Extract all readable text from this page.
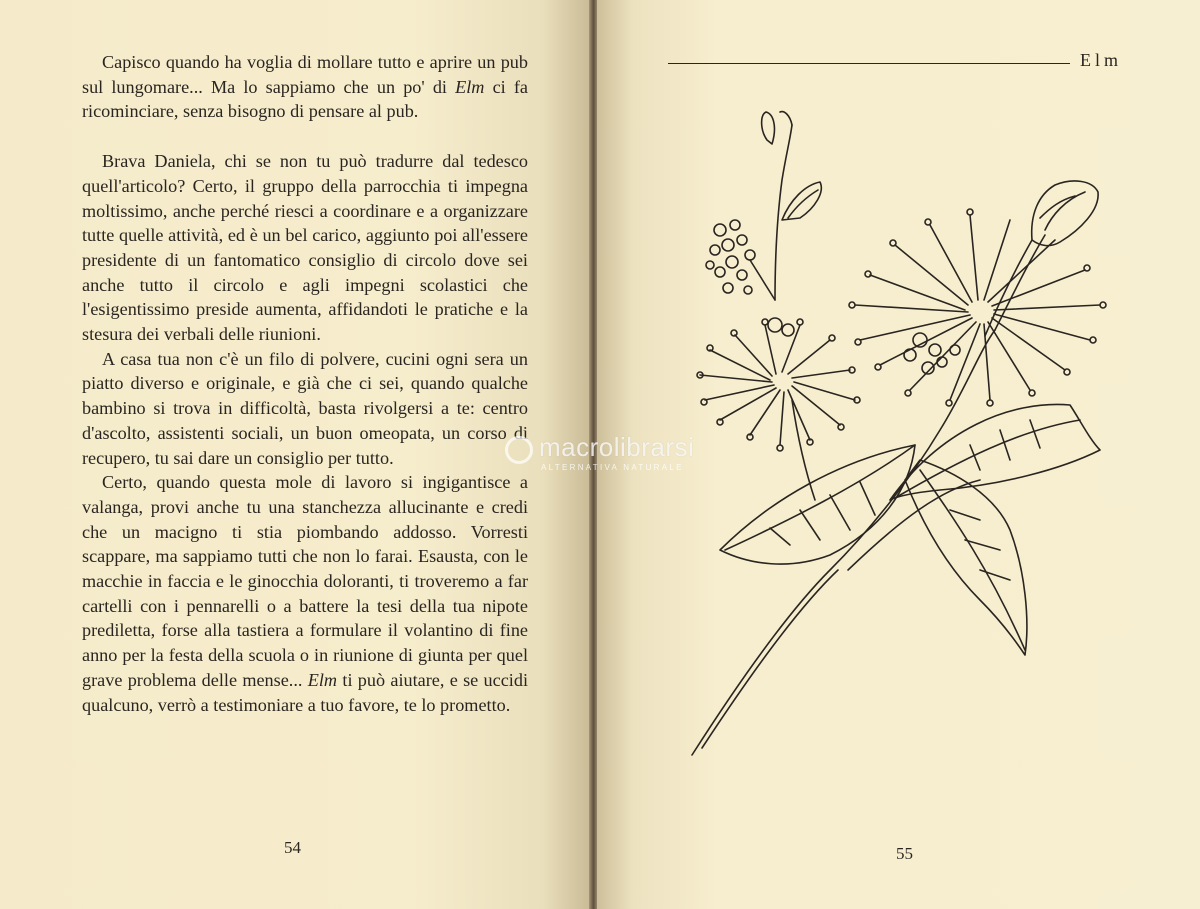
Capisco quando ha voglia di mollare tutto e aprire un pub sul lungomare... Ma lo sappiamo che un po' di Elm ci fa ricominciare, senza bisogno di pensare al pub.

Brava Daniela, chi se non tu può tradurre dal tedesco quell'articolo? Certo, il gruppo della parrocchia ti impegna moltissimo, anche perché riesci a coordinare e a organizzare tutte quelle attività, ed è un bel carico, aggiunto poi all'essere presidente di un fantomatico consiglio di circolo dove sei anche tutto il circolo e agli impegni scolastici che l'esigentissimo preside aumenta, affidandoti le pratiche e la stesura dei verbali delle riunioni.

A casa tua non c'è un filo di polvere, cucini ogni sera un piatto diverso e originale, e già che ci sei, quando qualche bambino si trova in difficoltà, basta rivolgersi a te: centro d'ascolto, assistenti sociali, un buon omeopata, un corso di recupero, tu sai dare un consiglio per tutto.

Certo, quando questa mole di lavoro si ingigantisce a valanga, provi anche tu una stanchezza allucinante e credi che un macigno ti stia piombando addosso. Vorresti scappare, ma sappiamo tutti che non lo farai. Esausta, con le macchie in faccia e le ginocchia doloranti, ti troveremo a far cartelli con i pennarelli o a battere la tesi della tua nipote prediletta, forse alla tastiera a formulare il volantino di fine anno per la festa della scuola o in riunione di giunta per quel grave problema delle mense... Elm ti può aiutare, e se uccidi qualcuno, verrò a testimoniare a tuo favore, te lo prometto.

54	55
Elm
macrolibrarsi
ALTERNATIVA NATURALE
